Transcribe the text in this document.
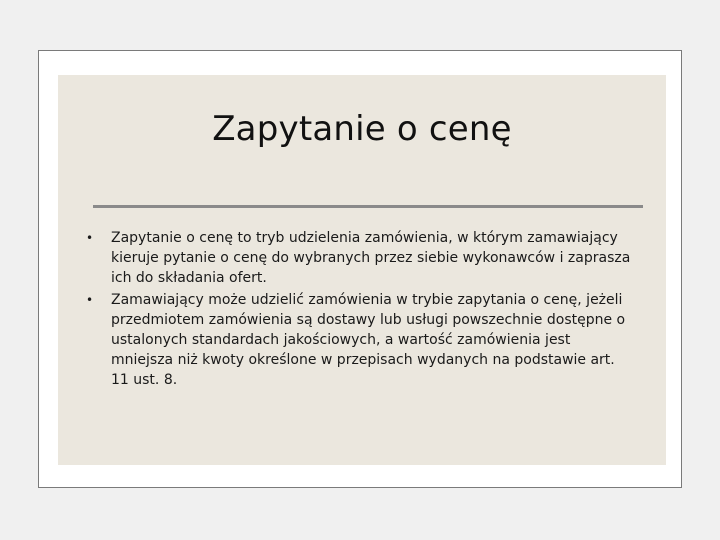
Zapytanie o cenę
• Zapytanie o cenę to tryb udzielenia zamówienia, w którym zamawiający kieruje pytanie o cenę do wybranych przez siebie wykonawców i zaprasza ich do składania ofert.
• Zamawiający może udzielić zamówienia w trybie zapytania o cenę, jeżeli przedmiotem zamówienia są dostawy lub usługi powszechnie dostępne o ustalonych standardach jakościowych, a wartość zamówienia jest mniejsza niż kwoty określone w przepisach wydanych na podstawie art. 11 ust. 8.
